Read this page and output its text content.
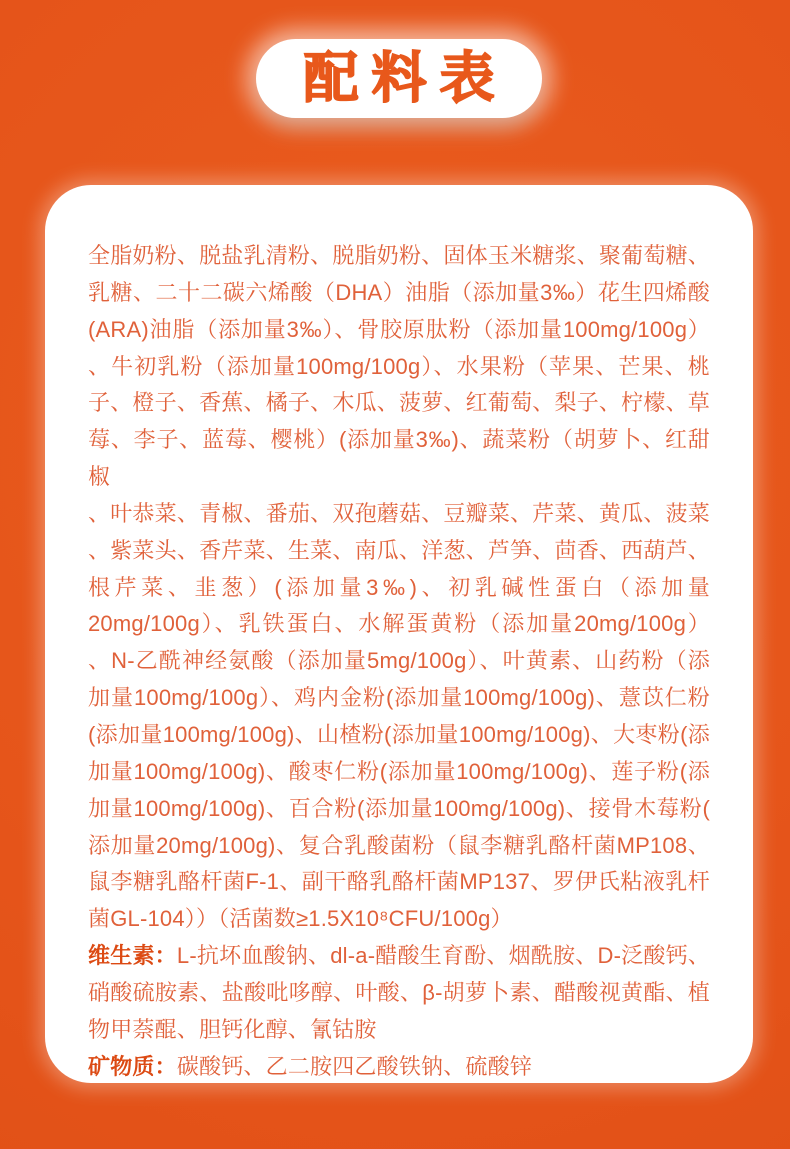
配料表
全脂奶粉、脱盐乳清粉、脱脂奶粉、固体玉米糖浆、聚葡萄糖、
乳糖、二十二碳六烯酸（DHA）油脂（添加量3‰）花生四烯酸
(ARA)油脂（添加量3‰）、骨胶原肽粉（添加量100mg/100g）
、牛初乳粉（添加量100mg/100g）、水果粉（苹果、芒果、桃
子、橙子、香蕉、橘子、木瓜、菠萝、红葡萄、梨子、柠檬、草
莓、李子、蓝莓、樱桃）(添加量3‰)、蔬菜粉（胡萝卜、红甜椒
、叶恭菜、青椒、番茄、双孢蘑菇、豆瓣菜、芹菜、黄瓜、菠菜
、紫菜头、香芹菜、生菜、南瓜、洋葱、芦笋、茴香、西葫芦、
根芹菜、韭葱）(添加量3‰)、初乳碱性蛋白（添加量
20mg/100g）、乳铁蛋白、水解蛋黄粉（添加量20mg/100g）
、N-乙酰神经氨酸（添加量5mg/100g）、叶黄素、山药粉（添
加量100mg/100g）、鸡内金粉(添加量100mg/100g)、薏苡仁粉
(添加量100mg/100g)、山楂粉(添加量100mg/100g)、大枣粉(添
加量100mg/100g)、酸枣仁粉(添加量100mg/100g)、莲子粉(添
加量100mg/100g)、百合粉(添加量100mg/100g)、接骨木莓粉(
添加量20mg/100g)、复合乳酸菌粉（鼠李糖乳酪杆菌MP108、
鼠李糖乳酪杆菌F-1、副干酪乳酪杆菌MP137、罗伊氏粘液乳杆
菌GL-104））（活菌数≥1.5X10⁸CFU/100g）
维生素：L-抗坏血酸钠、dl-a-醋酸生育酚、烟酰胺、D-泛酸钙、
硝酸硫胺素、盐酸吡哆醇、叶酸、β-胡萝卜素、醋酸视黄酯、植
物甲萘醌、胆钙化醇、氰钴胺
矿物质：碳酸钙、乙二胺四乙酸铁钠、硫酸锌
